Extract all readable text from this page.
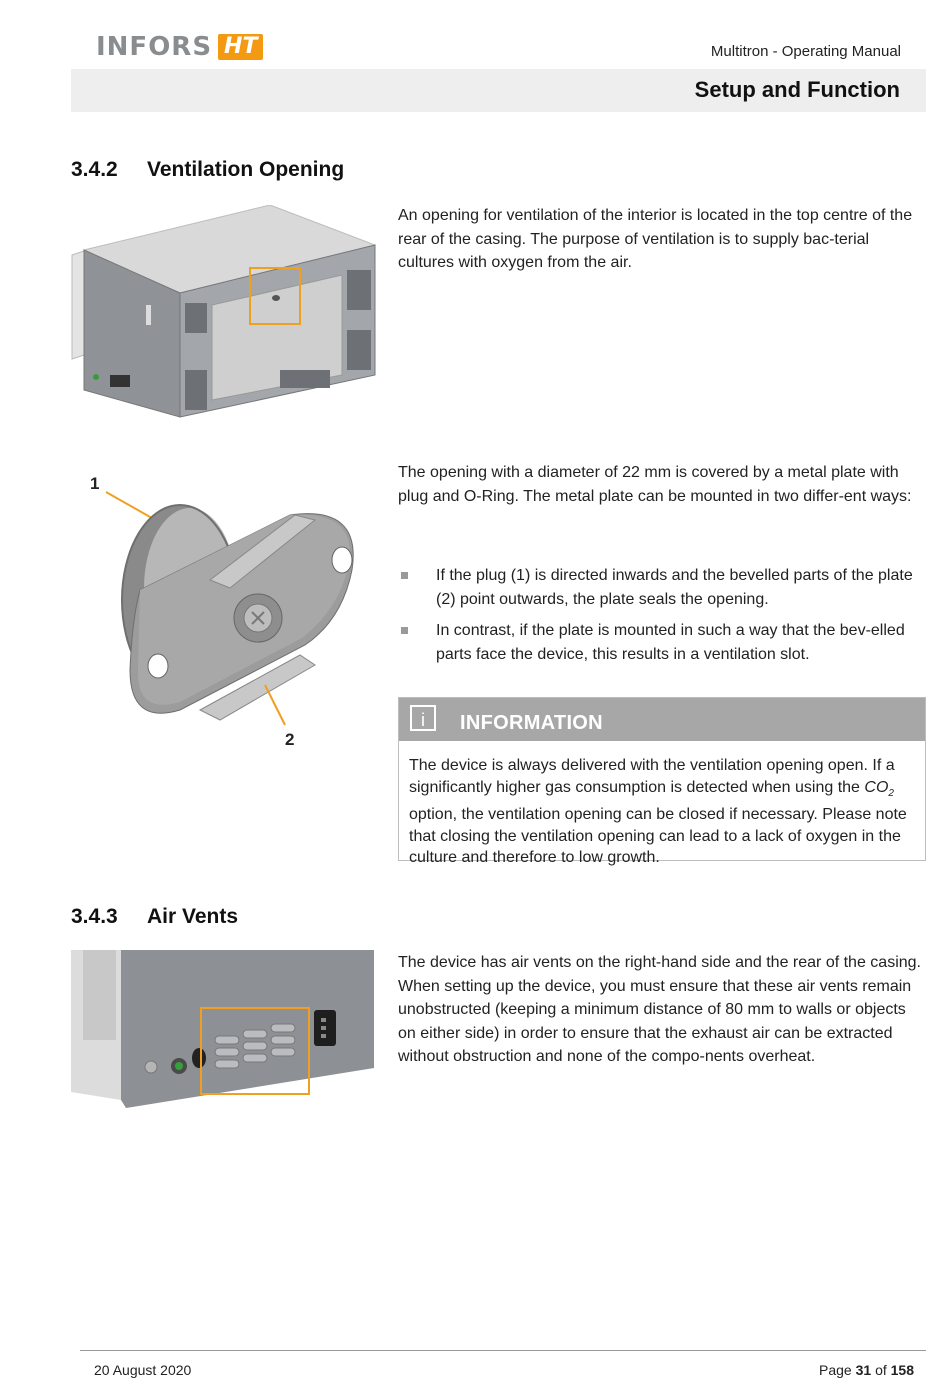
INFORS HT	Multitron - Operating Manual
Setup and Function
3.4.2 Ventilation Opening
An opening for ventilation of the interior is located in the top centre of the rear of the casing. The purpose of ventilation is to supply bac-terial cultures with oxygen from the air.
1
2
The opening with a diameter of 22 mm is covered by a metal plate with plug and O-Ring. The metal plate can be mounted in two differ-ent ways:
If the plug (1) is directed inwards and the bevelled parts of the plate (2) point outwards, the plate seals the opening.
In contrast, if the plate is mounted in such a way that the bev-elled parts face the device, this results in a ventilation slot.
i	INFORMATION
The device is always delivered with the ventilation opening open. If a significantly higher gas consumption is detected when using the $CO_2$ option, the ventilation opening can be closed if necessary. Please note that closing the ventilation opening can lead to a lack of oxygen in the culture and therefore to low growth.
3.4.3 Air Vents
The device has air vents on the right-hand side and the rear of the casing. When setting up the device, you must ensure that these air vents remain unobstructed (keeping a minimum distance of 80 mm to walls or objects on either side) in order to ensure that the exhaust air can be extracted without obstruction and none of the compo-nents overheat.
20 August 2020	Page 31 of 158
